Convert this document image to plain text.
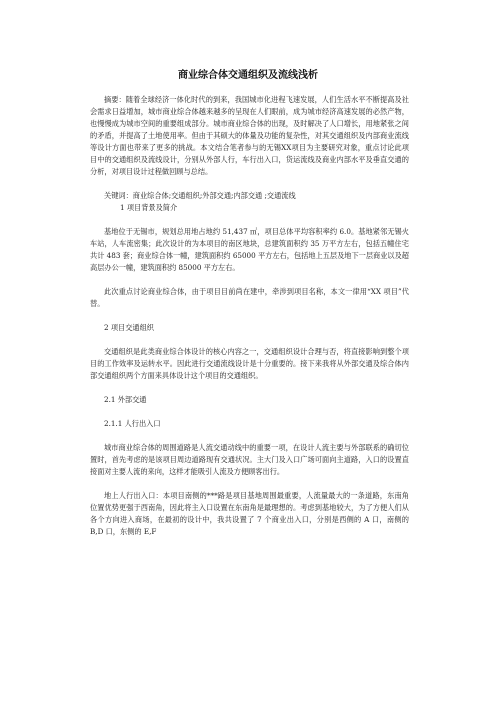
商业综合体交通组织及流线浅析

摘要：随着全球经济一体化时代的到来，我国城市化进程飞速发展，人们生活水平不断提高及社会需求日益增加，城市商业综合体越来越多的呈现在人们眼前，成为城市经济高速发展的必然产物，也慢慢成为城市空间的重要组成部分。城市商业综合体的出现，及时解决了人口增长，用地紧张之间的矛盾，并提高了土地使用率。但由于其硕大的体量及功能的复杂性，对其交通组织及内部商业流线等设计方面也带来了更多的挑战。本文结合笔者参与的无锡XX项目为主要研究对象，重点讨论此项目中的交通组织及流线设计，分别从外部人行，车行出入口，货运流线及商业内部水平及垂直交通的分析，对项目设计过程做回顾与总结。

关键词：商业综合体;交通组织;外部交通;内部交通 ;交通流线

1 项目背景及简介

基地位于无锡市，规划总用地占地约 51,437 ㎡，项目总体平均容积率约 6.0。基地紧邻无锡火车站，人车流密集；此次设计的为本项目的南区地块，总建筑面积约 35 万平方左右，包括五幢住宅共计 483 套；商业综合体一幢，建筑面积约 65000 平方左右，包括地上五层及地下一层商业以及超高层办公一幢，建筑面积约 85000 平方左右。

此次重点讨论商业综合体，由于项目目前尚在建中，牵涉到项目名称，本文一律用“XX 项目”代替。

2 项目交通组织

交通组织是此类商业综合体设计的核心内容之一，交通组织设计合理与否，将直接影响到整个项目的工作效率及运转水平。因此进行交通流线设计是十分重要的。接下来我将从外部交通及综合体内部交通组织两个方面来具体设计这个项目的交通组织。

2.1 外部交通

2.1.1 人行出入口

城市商业综合体的周围道路是人流交通动线中的重要一项，在设计人流主要与外部联系的确切位置时，首先考虑的是该项目周边道路现有交通状况。主大门及入口广场可面向主道路，入口的设置直接面对主要人流的来向，这样才能吸引人流及方便顾客出行。

地上人行出入口：本项目南侧的***路是项目基地周围最重要，人流量最大的一条道路，东南角位置优势更强于西南角，因此将主入口设置在东南角是最理想的。考虑到基地较大，为了方便人们从各个方向进入商场，在最初的设计中，我共设置了 7 个商业出入口，分别是西侧的 A 口，南侧的 B,D 口，东侧的 E,F
